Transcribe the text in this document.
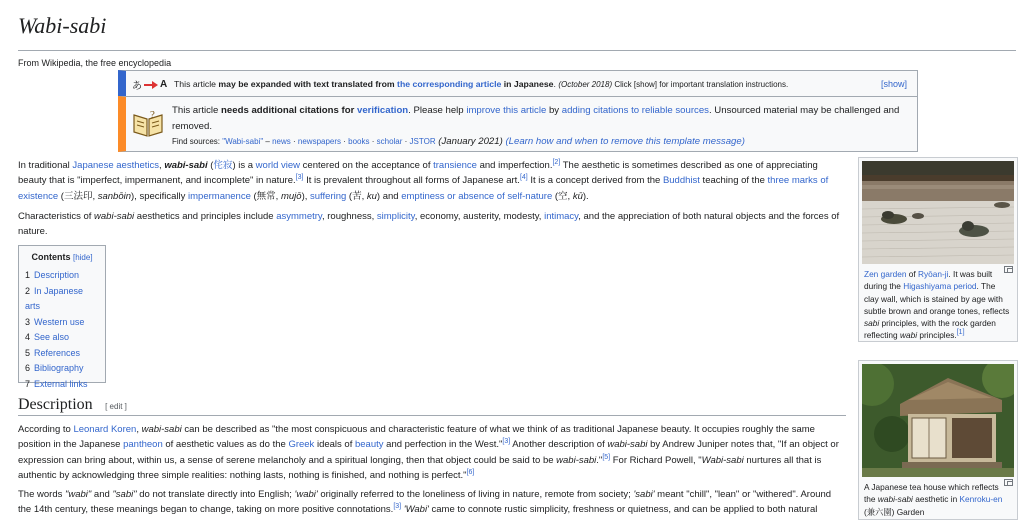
Wabi-sabi
From Wikipedia, the free encyclopedia
あ A This article may be expanded with text translated from the corresponding article in Japanese. (October 2018) Click [show] for important translation instructions.	[show]
? This article needs additional citations for verification. Please help improve this article by adding citations to reliable sources. Unsourced material may be challenged and removed.
Find sources: "Wabi-sabi" – news · newspapers · books · scholar · JSTOR (January 2021) (Learn how and when to remove this template message)

In traditional Japanese aesthetics, wabi-sabi (侘寂) is a world view centered on the acceptance of transience and imperfection.[2] The aesthetic is sometimes described as one of appreciating beauty that is "imperfect, impermanent, and incomplete" in nature.[3] It is prevalent throughout all forms of Japanese art.[4] It is a concept derived from the Buddhist teaching of the three marks of existence (三法印, sanbōin), specifically impermanence (無常, mujō), suffering (苦, ku) and emptiness or absence of self-nature (空, kū).

Characteristics of wabi-sabi aesthetics and principles include asymmetry, roughness, simplicity, economy, austerity, modesty, intimacy, and the appreciation of both natural objects and the forces of nature.

Contents [hide]
1 Description
2 In Japanese arts
3 Western use
4 See also
5 References
6 Bibliography
7 External links
Description [ edit ]

According to Leonard Koren, wabi-sabi can be described as "the most conspicuous and characteristic feature of what we think of as traditional Japanese beauty. It occupies roughly the same position in the Japanese pantheon of aesthetic values as do the Greek ideals of beauty and perfection in the West."[3] Another description of wabi-sabi by Andrew Juniper notes that, "If an object or expression can bring about, within us, a sense of serene melancholy and a spiritual longing, then that object could be said to be wabi-sabi."[5] For Richard Powell, "Wabi-sabi nurtures all that is authentic by acknowledging three simple realities: nothing lasts, nothing is finished, and nothing is perfect."[6]

The words "wabi" and "sabi" do not translate directly into English; 'wabi' originally referred to the loneliness of living in nature, remote from society; 'sabi' meant "chill", "lean" or "withered". Around the 14th century, these meanings began to change, taking on more positive connotations.[3] 'Wabi' came to connote rustic simplicity, freshness or quietness, and can be applied to both natural

Zen garden of Ryōan-ji. It was built during the Higashiyama period. The clay wall, which is stained by age with subtle brown and orange tones, reflects sabi principles, with the rock garden reflecting wabi principles.[1]
A Japanese tea house which reflects the wabi-sabi aesthetic in Kenroku-en (兼六園) Garden
